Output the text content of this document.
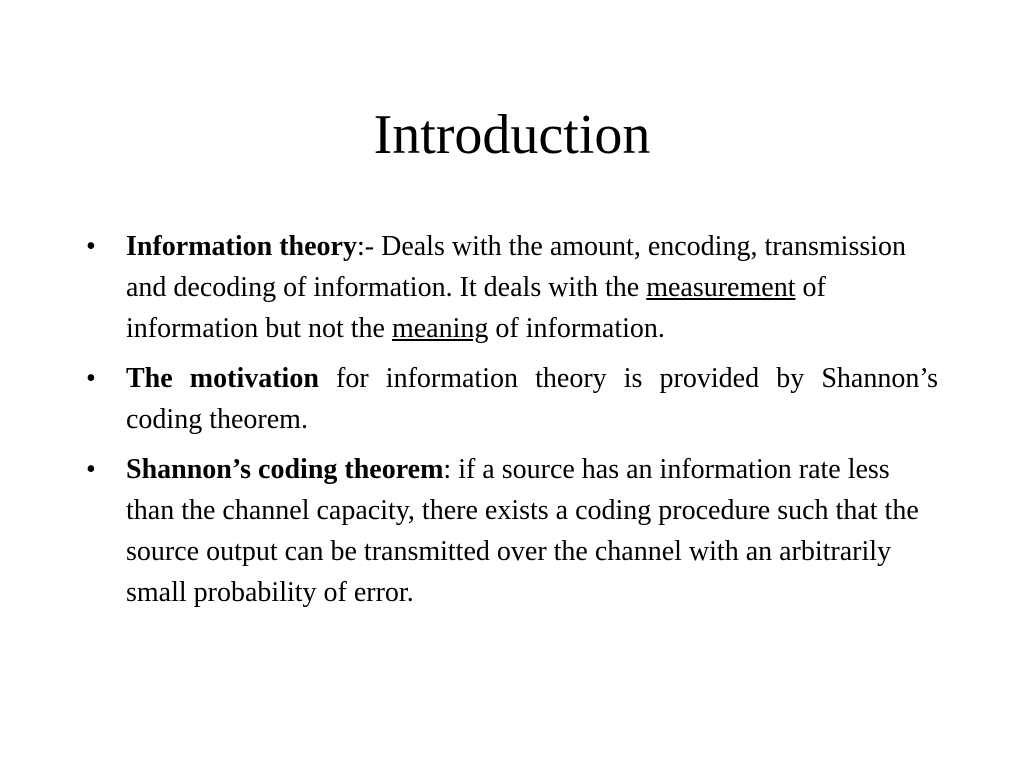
Introduction
•	Information theory:- Deals with the amount, encoding, transmission and decoding of information. It deals with the measurement of information but not the meaning of information.
•	The motivation for information theory is provided by Shannon’s coding theorem.
•	Shannon’s coding theorem: if a source has an information rate less than the channel capacity, there exists a coding procedure such that the source output can be transmitted over the channel with an arbitrarily small probability of error.
